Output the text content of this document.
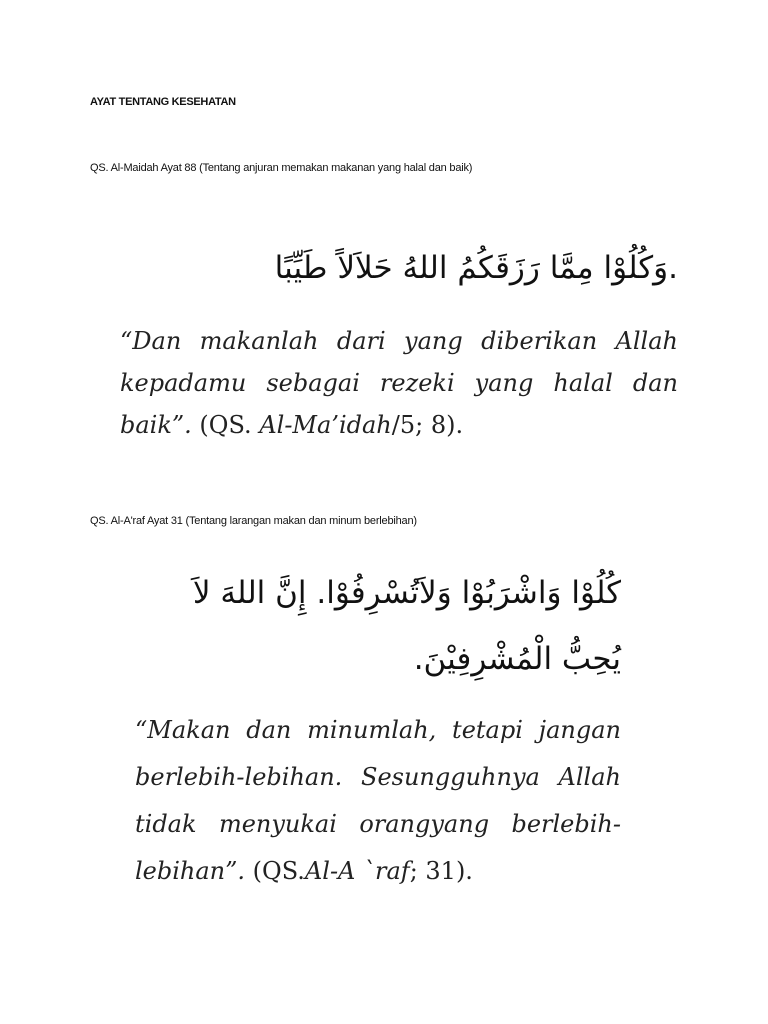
AYAT TENTANG KESEHATAN
QS. Al-Maidah Ayat 88 (Tentang anjuran memakan makanan yang halal dan baik)
.وَكُلُوْا مِمَّا رَزَقَكُمُ اللهُ حَلاَلاً طَيِّبًا
“Dan makanlah dari yang diberikan Allah kepadamu sebagai rezeki yang halal dan baik”. (QS. Al-Ma’idah/5; 8).
QS. Al-A'raf Ayat 31 (Tentang larangan makan dan minum berlebihan)
كُلُوْا وَاشْرَبُوْا وَلاَتُسْرِفُوْا. إِنَّ اللهَ لاَ يُحِبُّ الْمُشْرِفِيْنَ.
“Makan dan minumlah, tetapi jangan berlebih-lebihan. Sesungguhnya Allah tidak menyukai orangyang berlebih-lebihan”. (QS.Al-A `raf; 31).
